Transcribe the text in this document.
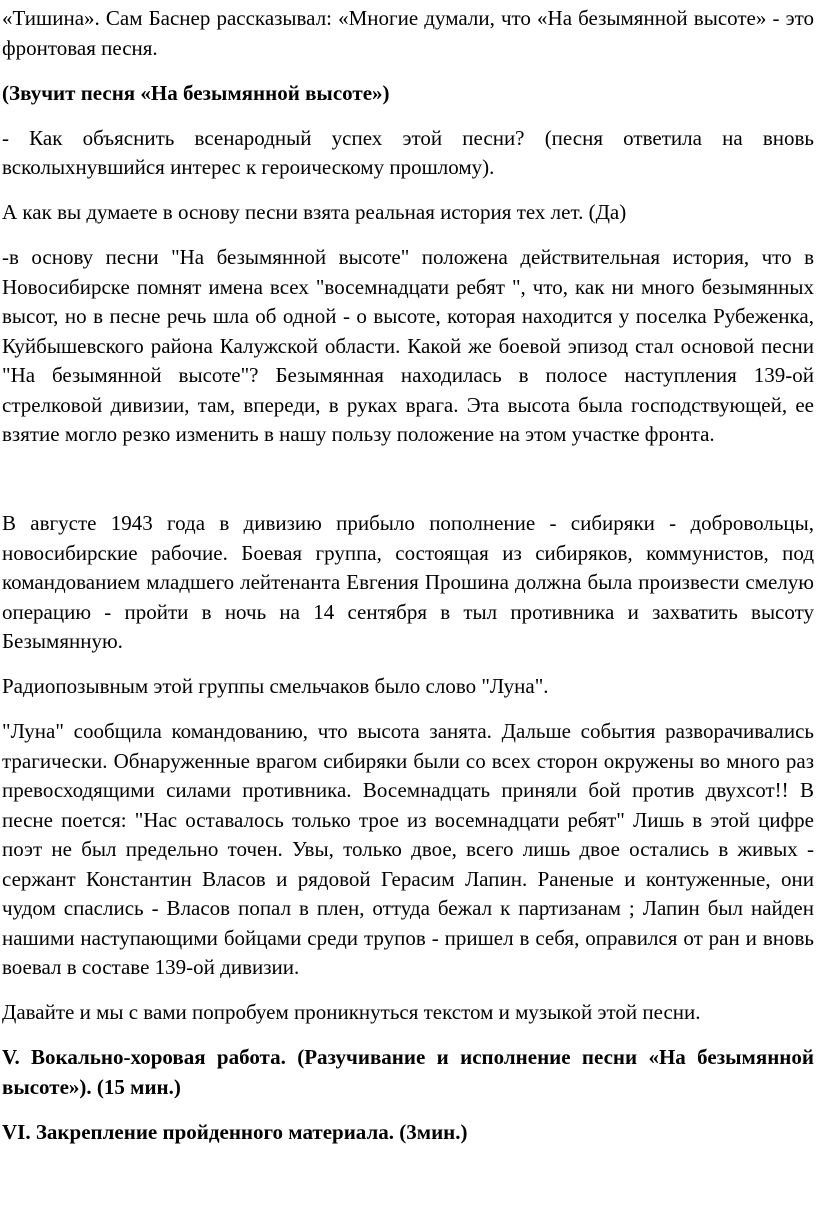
«Тишина». Сам Баснер рассказывал: «Многие думали, что «На безымянной высоте» - это фронтовая песня.

(Звучит песня «На безымянной высоте»)

- Как объяснить всенародный успех этой песни? (песня ответила на вновь всколыхнувшийся интерес к героическому прошлому).

А как вы думаете в основу песни взята реальная история тех лет. (Да)

-в основу песни "На безымянной высоте" положена действительная история, что в Новосибирске помнят имена всех "восемнадцати ребят ", что, как ни много безымянных высот, но в песне речь шла об одной - о высоте, которая находится у поселка Рубеженка, Куйбышевского района Калужской области. Какой же боевой эпизод стал основой песни "На безымянной высоте"? Безымянная находилась в полосе наступления 139-ой стрелковой дивизии, там, впереди, в руках врага. Эта высота была господствующей, ее взятие могло резко изменить в нашу пользу положение на этом участке фронта.

В августе 1943 года в дивизию прибыло пополнение - сибиряки - добровольцы, новосибирские рабочие. Боевая группа, состоящая из сибиряков, коммунистов, под командованием младшего лейтенанта Евгения Прошина должна была произвести смелую операцию - пройти в ночь на 14 сентября в тыл противника и захватить высоту Безымянную.

Радиопозывным этой группы смельчаков было слово "Луна".

"Луна" сообщила командованию, что высота занята. Дальше события разворачивались трагически. Обнаруженные врагом сибиряки были со всех сторон окружены во много раз превосходящими силами противника. Восемнадцать приняли бой против двухсот!! В песне поется: "Нас оставалось только трое из восемнадцати ребят" Лишь в этой цифре поэт не был предельно точен. Увы, только двое, всего лишь двое остались в живых - сержант Константин Власов и рядовой Герасим Лапин. Раненые и контуженные, они чудом спаслись - Власов попал в плен, оттуда бежал к партизанам ; Лапин был найден нашими наступающими бойцами среди трупов - пришел в себя, оправился от ран и вновь воевал в составе 139-ой дивизии.

Давайте и мы с вами попробуем проникнуться текстом и музыкой этой песни.

V. Вокально-хоровая работа. (Разучивание и исполнение песни «На безымянной высоте»). (15 мин.)

VI. Закрепление пройденного материала. (3мин.)
